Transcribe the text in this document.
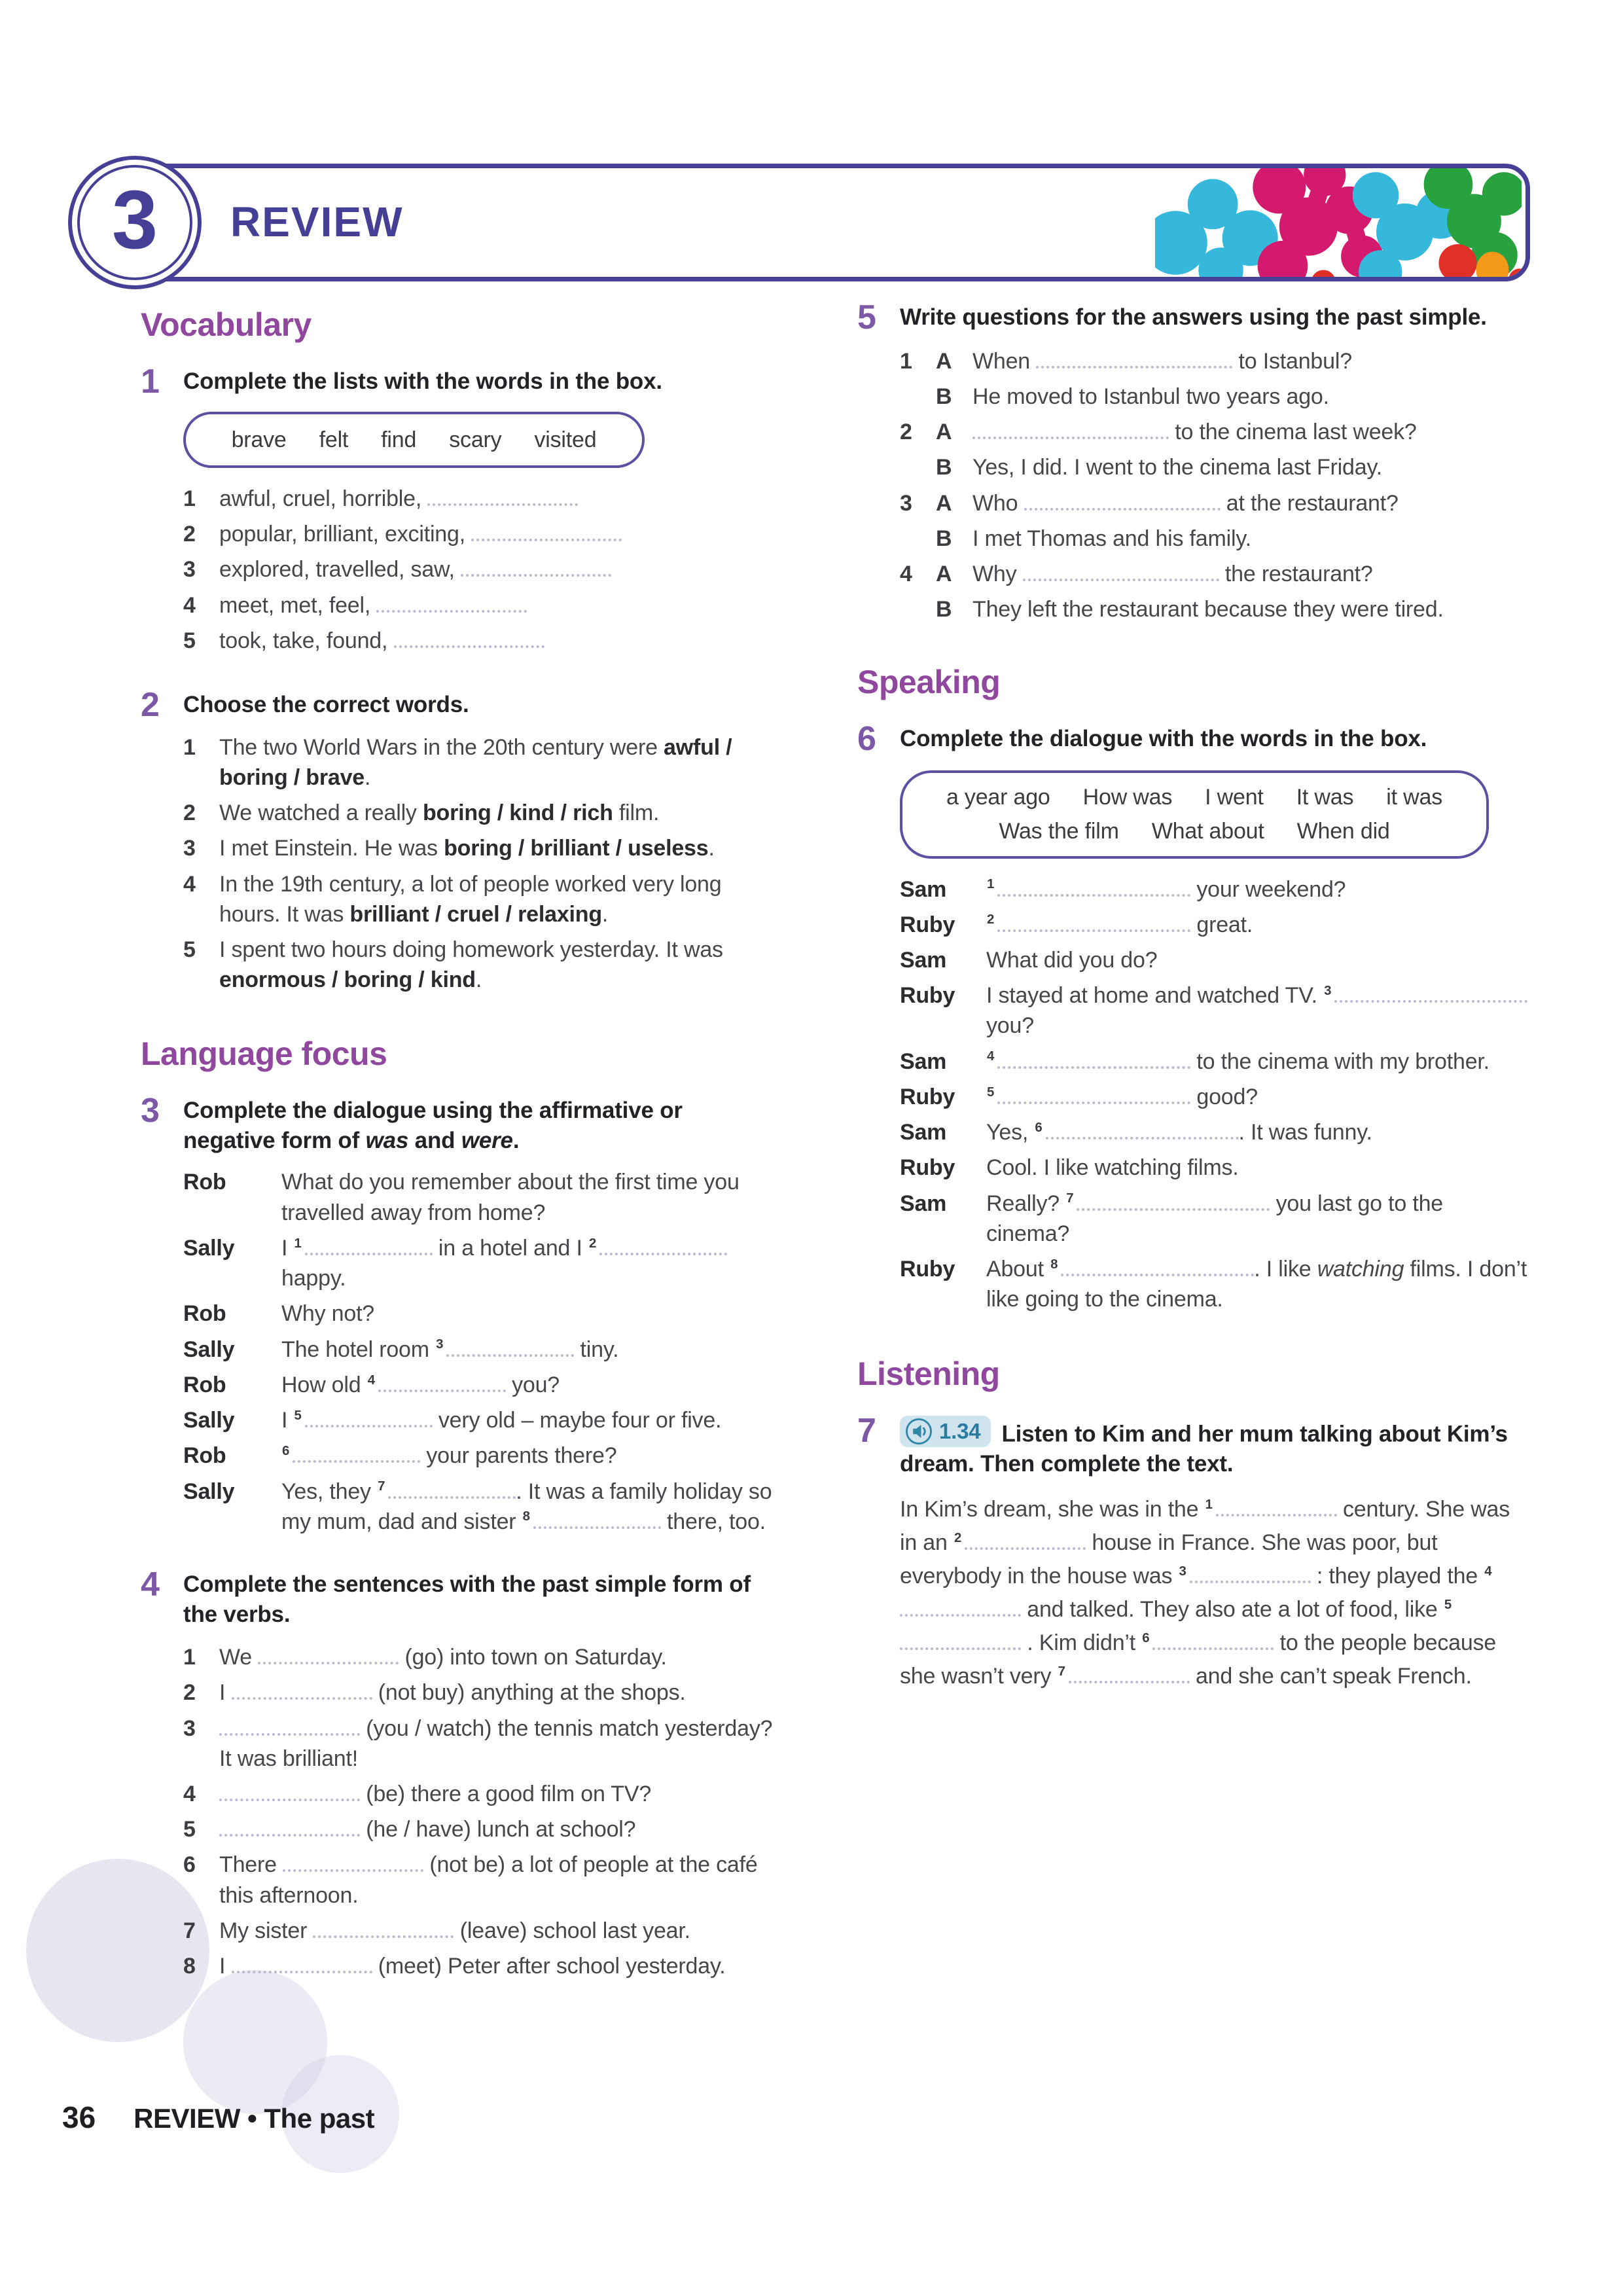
3 REVIEW
Vocabulary
1	Complete the lists with the words in the box.

brave felt find scary visited
1	awful, cruel, horrible,
2	popular, brilliant, exciting,
3	explored, travelled, saw,
4	meet, met, feel,
5	took, take, found,
2	Choose the correct words.

1	The two World Wars in the 20th century were awful / boring / brave.
2	We watched a really boring / kind / rich film.
3	I met Einstein. He was boring / brilliant / useless.
4	In the 19th century, a lot of people worked very long hours. It was brilliant / cruel / relaxing.
5	I spent two hours doing homework yesterday. It was enormous / boring / kind.
Language focus
3	Complete the dialogue using the affirmative or negative form of was and were.

Rob	What do you remember about the first time you travelled away from home?
Sally	I $^1$	in a hotel and I $^2$ happy.
Rob	Why not?
Sally	The hotel room $^3$	tiny.
Rob	How old $^4$	you?
Sally	I $^5$	very old – maybe four or five.
Rob	$^6$	your parents there?
Sally	Yes, they $^7$	. It was a family holiday so my mum, dad and sister $^8$	there, too.
4	Complete the sentences with the past simple form of the verbs.

1	We	(go) into town on Saturday.
2	I	(not buy) anything at the shops.
3	(you / watch) the tennis match yesterday? It was brilliant!
4	(be) there a good film on TV?
5	(he / have) lunch at school?
6	There	(not be) a lot of people at the café this afternoon.
7	My sister	(leave) school last year.
8	I	(meet) Peter after school yesterday.
5	Write questions for the answers using the past simple.

1	A When	to Istanbul?
B He moved to Istanbul two years ago.
2	A	to the cinema last week?
B Yes, I did. I went to the cinema last Friday.
3	A Who	at the restaurant?
B I met Thomas and his family.
4	A Why	the restaurant?
B They left the restaurant because they were tired.
Speaking
6	Complete the dialogue with the words in the box.

a year ago How was I went It was it was
Was the film What about When did
Sam	$^1$	your weekend?
Ruby	$^2$	great.
Sam	What did you do?
Ruby	I stayed at home and watched TV. $^3$ you?
Sam	$^4$	to the cinema with my brother.
Ruby	$^5$	good?
Sam	Yes, $^6$	. It was funny.
Ruby	Cool. I like watching films.
Sam	Really? $^7$	you last go to the cinema?
Ruby	About $^8$	. I like watching films. I don’t like going to the cinema.
Listening
7	1.34 Listen to Kim and her mum talking about Kim’s dream. Then complete the text.

In Kim’s dream, she was in the $^1$	century. She was in an $^2$	house in France. She was poor, but everybody in the house was $^3$	: they played the $^4$ and talked. They also ate a lot of food, like $^5$ . Kim didn’t $^6$	to the people because she wasn’t very $^7$	and she can’t speak French.
36 REVIEW • The past
